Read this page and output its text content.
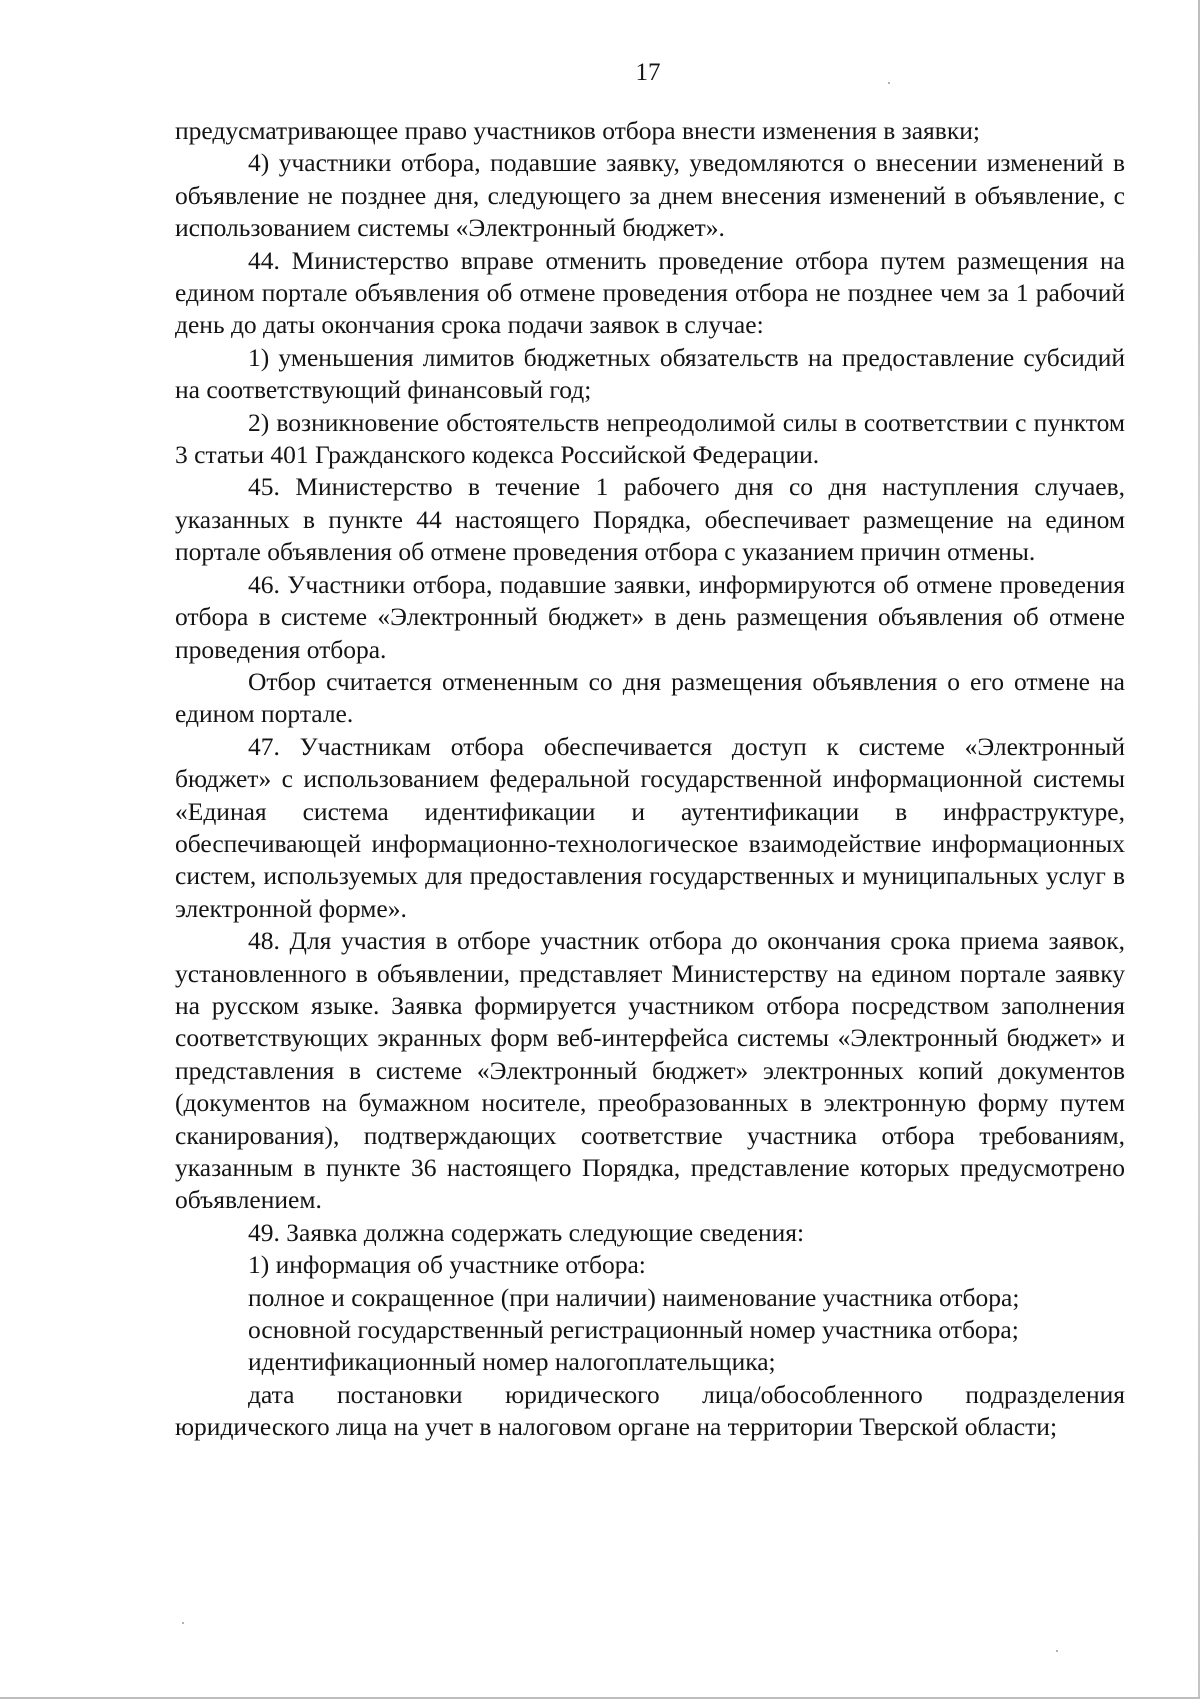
17

предусматривающее право участников отбора внести изменения в заявки;

4) участники отбора, подавшие заявку, уведомляются о внесении изменений в объявление не позднее дня, следующего за днем внесения изменений в объявление, с использованием системы «Электронный бюджет».

44. Министерство вправе отменить проведение отбора путем размещения на едином портале объявления об отмене проведения отбора не позднее чем за 1 рабочий день до даты окончания срока подачи заявок в случае:

1) уменьшения лимитов бюджетных обязательств на предоставление субсидий на соответствующий финансовый год;

2) возникновение обстоятельств непреодолимой силы в соответствии с пунктом 3 статьи 401 Гражданского кодекса Российской Федерации.

45. Министерство в течение 1 рабочего дня со дня наступления случаев, указанных в пункте 44 настоящего Порядка, обеспечивает размещение на едином портале объявления об отмене проведения отбора с указанием причин отмены.

46. Участники отбора, подавшие заявки, информируются об отмене проведения отбора в системе «Электронный бюджет» в день размещения объявления об отмене проведения отбора.

Отбор считается отмененным со дня размещения объявления о его отмене на едином портале.

47. Участникам отбора обеспечивается доступ к системе «Электронный бюджет» с использованием федеральной государственной информационной системы «Единая система идентификации и аутентификации в инфраструктуре, обеспечивающей информационно-технологическое взаимодействие информационных систем, используемых для предоставления государственных и муниципальных услуг в электронной форме».

48. Для участия в отборе участник отбора до окончания срока приема заявок, установленного в объявлении, представляет Министерству на едином портале заявку на русском языке. Заявка формируется участником отбора посредством заполнения соответствующих экранных форм веб-интерфейса системы «Электронный бюджет» и представления в системе «Электронный бюджет» электронных копий документов (документов на бумажном носителе, преобразованных в электронную форму путем сканирования), подтверждающих соответствие участника отбора требованиям, указанным в пункте 36 настоящего Порядка, представление которых предусмотрено объявлением.

49. Заявка должна содержать следующие сведения:

1) информация об участнике отбора:

полное и сокращенное (при наличии) наименование участника отбора;

основной государственный регистрационный номер участника отбора;

идентификационный номер налогоплательщика;

дата постановки юридического лица/обособленного подразделения юридического лица на учет в налоговом органе на территории Тверской области;
